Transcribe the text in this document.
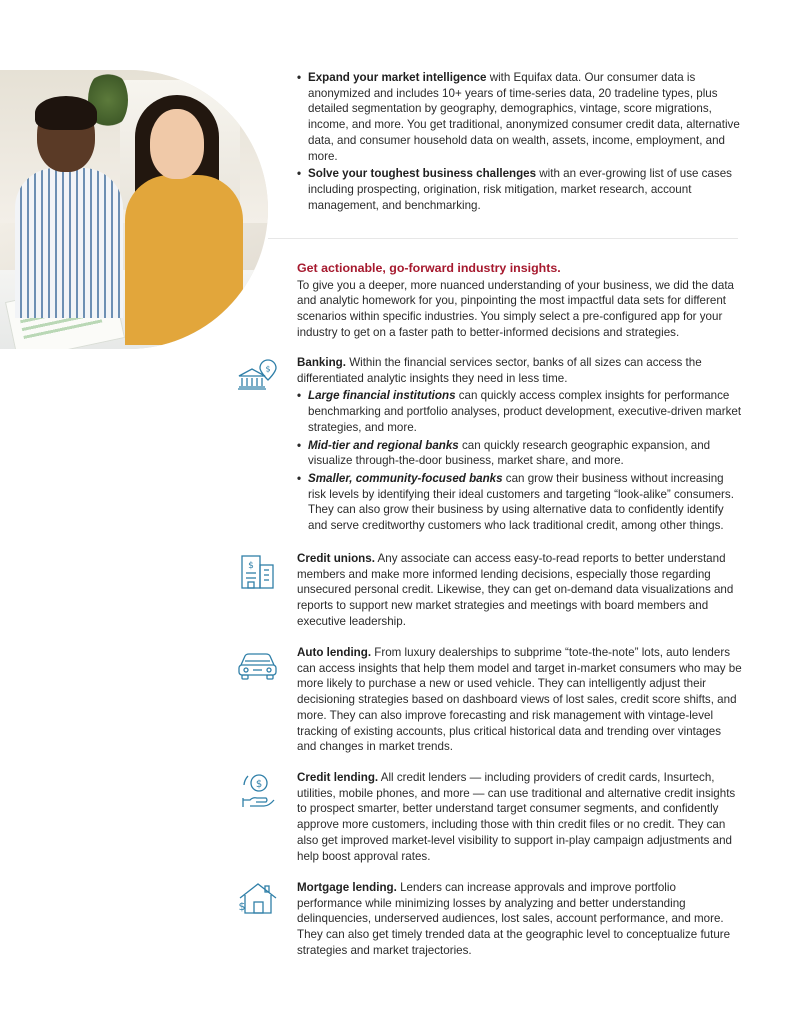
• Expand your market intelligence with Equifax data. Our consumer data is anonymized and includes 10+ years of time-series data, 20 tradeline types, plus detailed segmentation by geography, demographics, vintage, score migrations, income, and more. You get traditional, anonymized consumer credit data, alternative data, and consumer household data on wealth, assets, income, employment, and more.
• Solve your toughest business challenges with an ever-growing list of use cases including prospecting, origination, risk mitigation, market research, account management, and benchmarking.
Get actionable, go-forward industry insights.
To give you a deeper, more nuanced understanding of your business, we did the data and analytic homework for you, pinpointing the most impactful data sets for different scenarios within specific industries. You simply select a pre-configured app for your industry to get on a faster path to better-informed decisions and strategies.
$ Banking. Within the financial services sector, banks of all sizes can access the differentiated analytic insights they need in less time.
• Large financial institutions can quickly access complex insights for performance benchmarking and portfolio analyses, product development, executive-driven market strategies, and more.
• Mid-tier and regional banks can quickly research geographic expansion, and visualize through-the-door business, market share, and more.
• Smaller, community-focused banks can grow their business without increasing risk levels by identifying their ideal customers and targeting “look-alike” consumers. They can also grow their business by using alternative data to confidently identify and serve creditworthy customers who lack traditional credit, among other things.
$
Credit unions. Any associate can access easy-to-read reports to better understand members and make more informed lending decisions, especially those regarding unsecured personal credit. Likewise, they can get on-demand data visualizations and reports to support new market strategies and meetings with board members and executive leadership.
Auto lending. From luxury dealerships to subprime “tote-the-note” lots, auto lenders can access insights that help them model and target in-market consumers who may be more likely to purchase a new or used vehicle. They can intelligently adjust their decisioning strategies based on dashboard views of lost sales, credit score shifts, and more. They can also improve forecasting and risk management with vintage-level tracking of existing accounts, plus critical historical data and trending over vintages and changes in market trends.
$
Credit lending. All credit lenders — including providers of credit cards, Insurtech, utilities, mobile phones, and more — can use traditional and alternative credit insights to prospect smarter, better understand target consumer segments, and confidently approve more customers, including those with thin credit files or no credit. They can also get improved market-level visibility to support in-play campaign adjustments and help boost approval rates.
$
Mortgage lending. Lenders can increase approvals and improve portfolio performance while minimizing losses by analyzing and better understanding delinquencies, underserved audiences, lost sales, account performance, and more. They can also get timely trended data at the geographic level to conceptualize future strategies and market trajectories.
